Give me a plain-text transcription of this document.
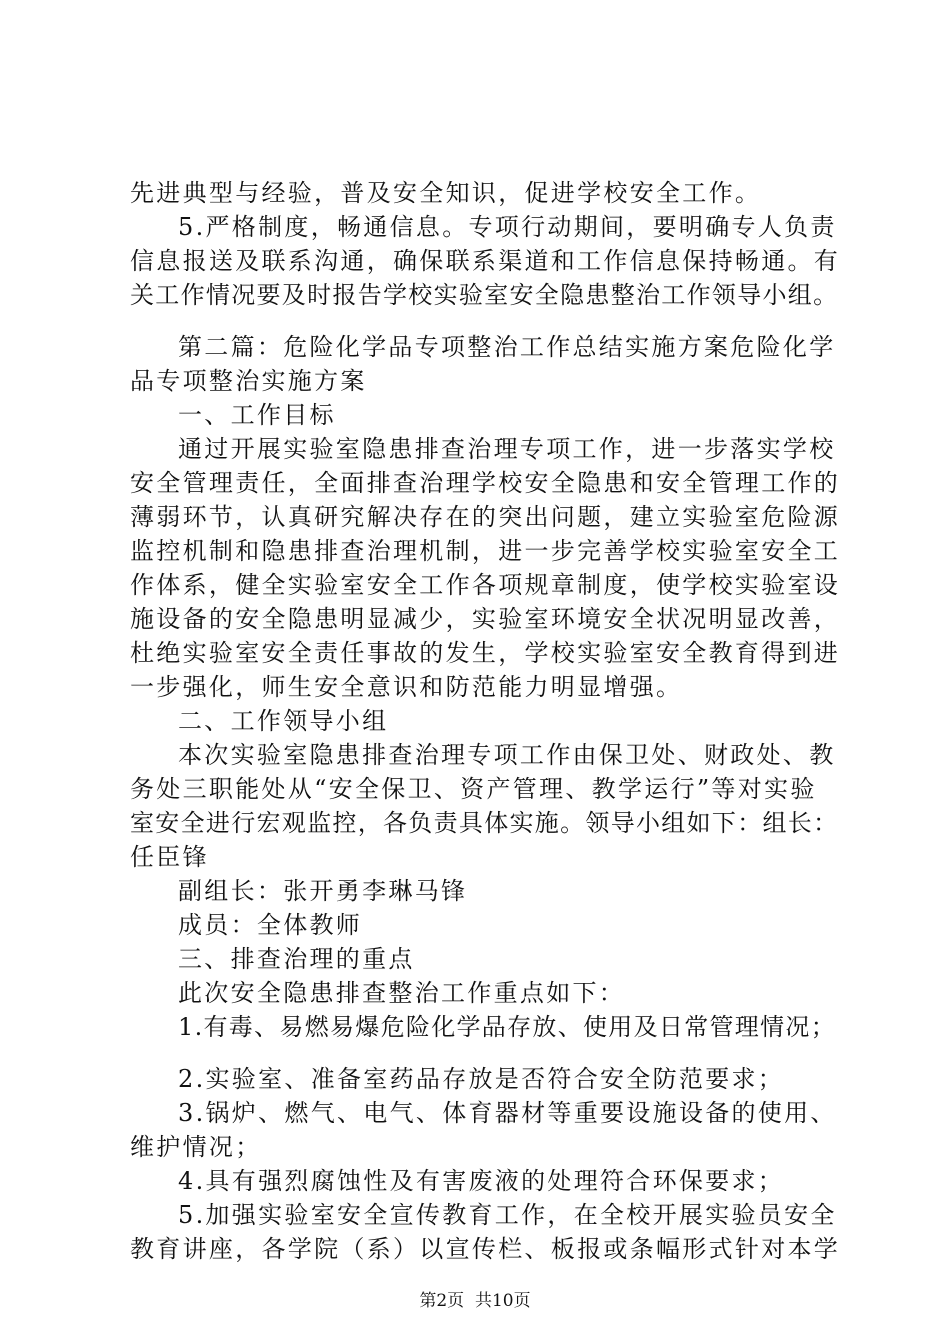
先进典型与经验，普及安全知识，促进学校安全工作。
5.严格制度，畅通信息。专项行动期间，要明确专人负责
信息报送及联系沟通，确保联系渠道和工作信息保持畅通。有
关工作情况要及时报告学校实验室安全隐患整治工作领导小组。
第二篇：危险化学品专项整治工作总结实施方案危险化学
品专项整治实施方案
一、工作目标
通过开展实验室隐患排查治理专项工作，进一步落实学校
安全管理责任，全面排查治理学校安全隐患和安全管理工作的
薄弱环节，认真研究解决存在的突出问题，建立实验室危险源
监控机制和隐患排查治理机制，进一步完善学校实验室安全工
作体系，健全实验室安全工作各项规章制度，使学校实验室设
施设备的安全隐患明显减少，实验室环境安全状况明显改善，
杜绝实验室安全责任事故的发生，学校实验室安全教育得到进
一步强化，师生安全意识和防范能力明显增强。
二、工作领导小组
本次实验室隐患排查治理专项工作由保卫处、财政处、教
务处三职能处从“安全保卫、资产管理、教学运行”等对实验
室安全进行宏观监控，各负责具体实施。领导小组如下：组长：
任臣锋
副组长：张开勇李琳马锋
成员：全体教师
三、排查治理的重点
此次安全隐患排查整治工作重点如下：
1.有毒、易燃易爆危险化学品存放、使用及日常管理情况；
2.实验室、准备室药品存放是否符合安全防范要求；
3.锅炉、燃气、电气、体育器材等重要设施设备的使用、
维护情况；
4.具有强烈腐蚀性及有害废液的处理符合环保要求；
5.加强实验室安全宣传教育工作，在全校开展实验员安全
第2页  共10页
教育讲座，各学院（系）以宣传栏、板报或条幅形式针对本学
